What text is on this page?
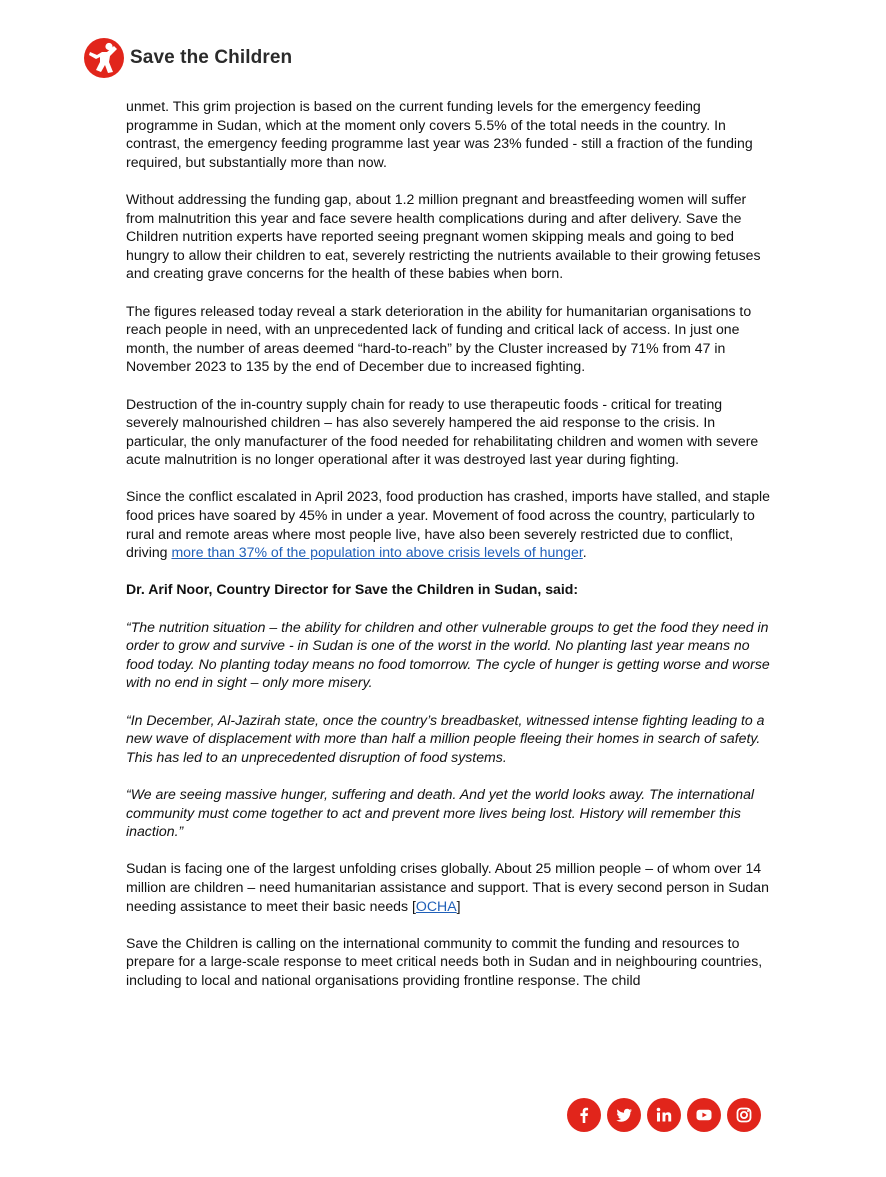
Save the Children

unmet. This grim projection is based on the current funding levels for the emergency feeding programme in Sudan, which at the moment only covers 5.5% of the total needs in the country. In contrast, the emergency feeding programme last year was 23% funded - still a fraction of the funding required, but substantially more than now.

Without addressing the funding gap, about 1.2 million pregnant and breastfeeding women will suffer from malnutrition this year and face severe health complications during and after delivery. Save the Children nutrition experts have reported seeing pregnant women skipping meals and going to bed hungry to allow their children to eat, severely restricting the nutrients available to their growing fetuses and creating grave concerns for the health of these babies when born.

The figures released today reveal a stark deterioration in the ability for humanitarian organisations to reach people in need, with an unprecedented lack of funding and critical lack of access. In just one month, the number of areas deemed “hard-to-reach” by the Cluster increased by 71% from 47 in November 2023 to 135 by the end of December due to increased fighting.

Destruction of the in-country supply chain for ready to use therapeutic foods - critical for treating severely malnourished children – has also severely hampered the aid response to the crisis. In particular, the only manufacturer of the food needed for rehabilitating children and women with severe acute malnutrition is no longer operational after it was destroyed last year during fighting.

Since the conflict escalated in April 2023, food production has crashed, imports have stalled, and staple food prices have soared by 45% in under a year. Movement of food across the country, particularly to rural and remote areas where most people live, have also been severely restricted due to conflict, driving more than 37% of the population into above crisis levels of hunger.

Dr. Arif Noor, Country Director for Save the Children in Sudan, said:

“The nutrition situation – the ability for children and other vulnerable groups to get the food they need in order to grow and survive - in Sudan is one of the worst in the world. No planting last year means no food today. No planting today means no food tomorrow. The cycle of hunger is getting worse and worse with no end in sight – only more misery.

“In December, Al-Jazirah state, once the country’s breadbasket, witnessed intense fighting leading to a new wave of displacement with more than half a million people fleeing their homes in search of safety. This has led to an unprecedented disruption of food systems.

“We are seeing massive hunger, suffering and death. And yet the world looks away. The international community must come together to act and prevent more lives being lost. History will remember this inaction.”

Sudan is facing one of the largest unfolding crises globally. About 25 million people – of whom over 14 million are children – need humanitarian assistance and support. That is every second person in Sudan needing assistance to meet their basic needs [OCHA]

Save the Children is calling on the international community to commit the funding and resources to prepare for a large-scale response to meet critical needs both in Sudan and in neighbouring countries, including to local and national organisations providing frontline response. The child
